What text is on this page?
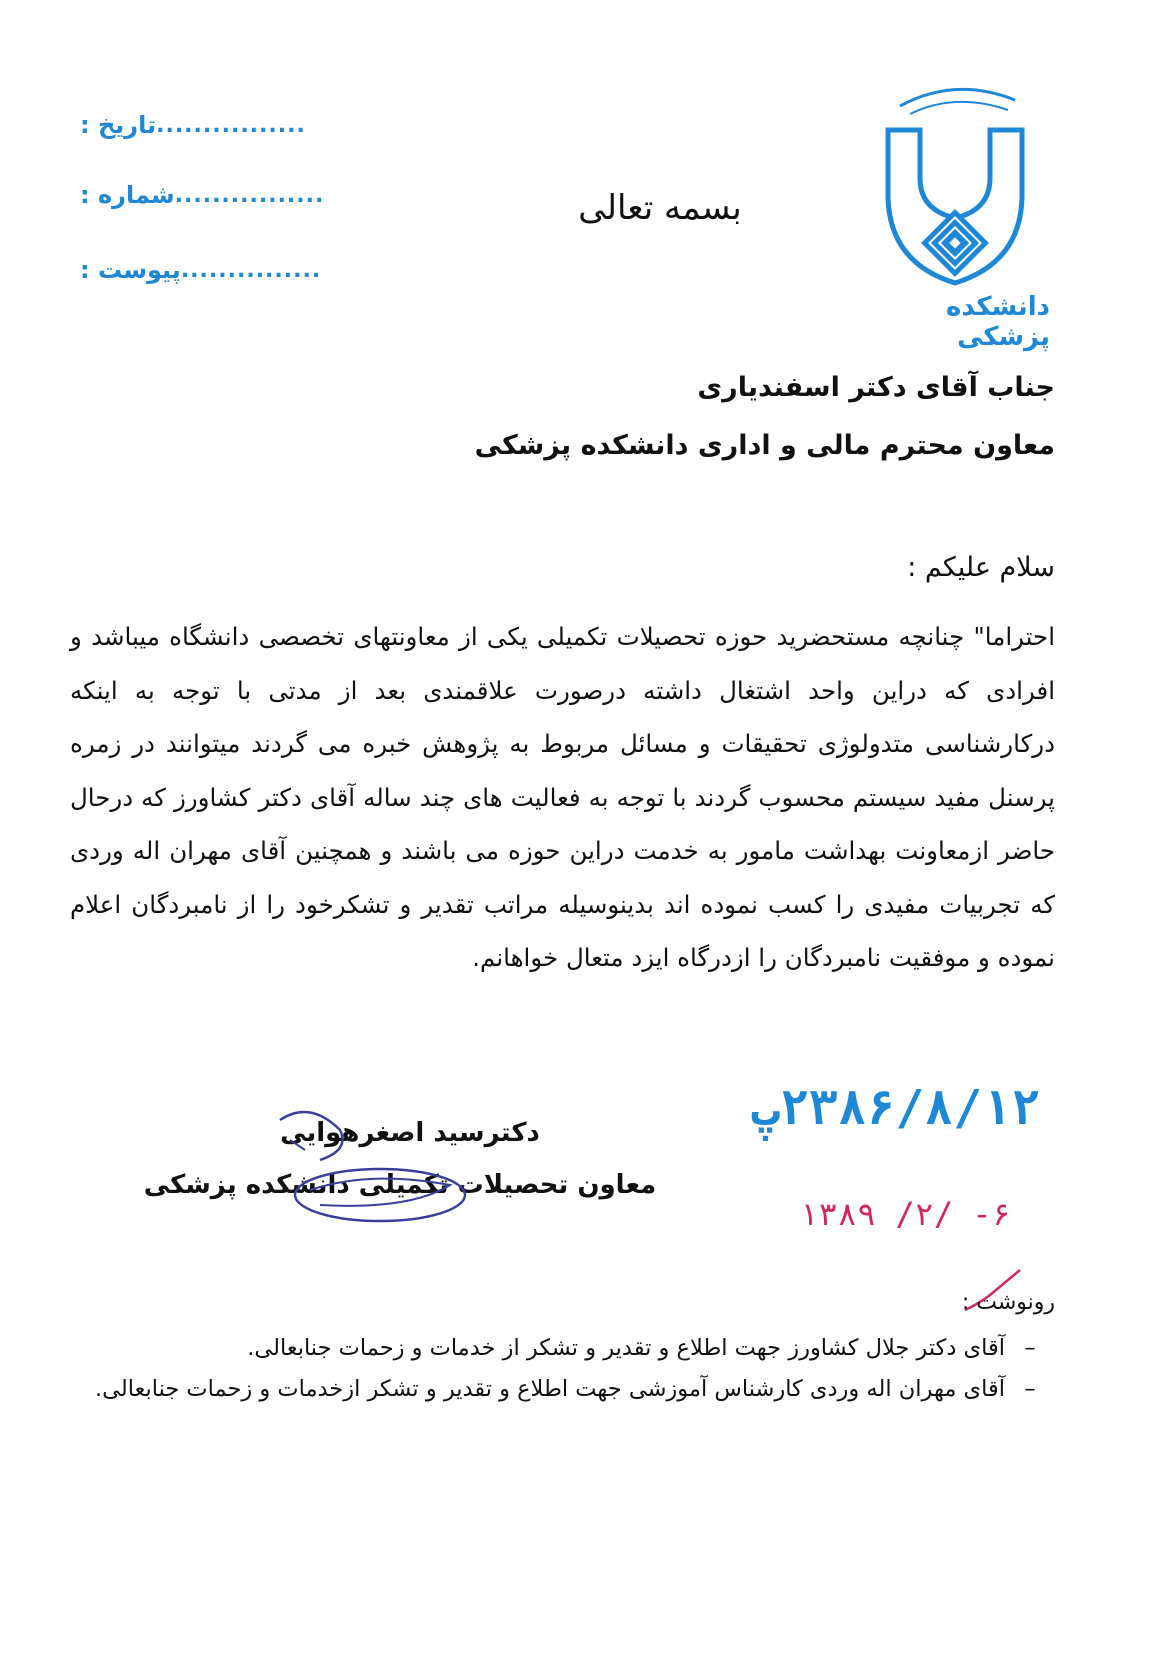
دانشکده پزشکی
بسمه تعالی
تاریخ : ................
شماره : ................
پیوست : ...............
جناب آقای دکتر اسفندیاری
معاون محترم مالی و اداری دانشکده پزشکی
سلام علیکم :
احتراما" چنانچه مستحضرید حوزه تحصیلات تکمیلی یکی از معاونتهای تخصصی دانشگاه میباشد و افرادی که دراین واحد اشتغال داشته درصورت علاقمندی بعد از مدتی با توجه به اینکه درکارشناسی متدولوژی تحقیقات و مسائل مربوط به پژوهش خبره می گردند میتوانند در زمره پرسنل مفید سیستم محسوب گردند با توجه به فعالیت های چند ساله آقای دکتر کشاورز که درحال حاضر ازمعاونت بهداشت مامور به خدمت دراین حوزه می باشند و همچنین آقای مهران اله وردی که تجربیات مفیدی را کسب نموده اند بدینوسیله مراتب تقدیر و تشکرخود را از نامبردگان اعلام نموده و موفقیت نامبردگان را ازدرگاه ایزد متعال خواهانم.
۲۳۸۶/۸/۱۲پ
۶- /۲/ ۱۳۸۹
دکترسید اصغرهوایی
معاون تحصیلات تکمیلی دانشکده پزشکی
رونوشت :
–
آقای دکتر جلال کشاورز جهت اطلاع و تقدیر و تشکر از خدمات و زحمات جنابعالی.
–
آقای مهران اله وردی کارشناس آموزشی جهت اطلاع و تقدیر و تشکر ازخدمات و زحمات جنابعالی.
